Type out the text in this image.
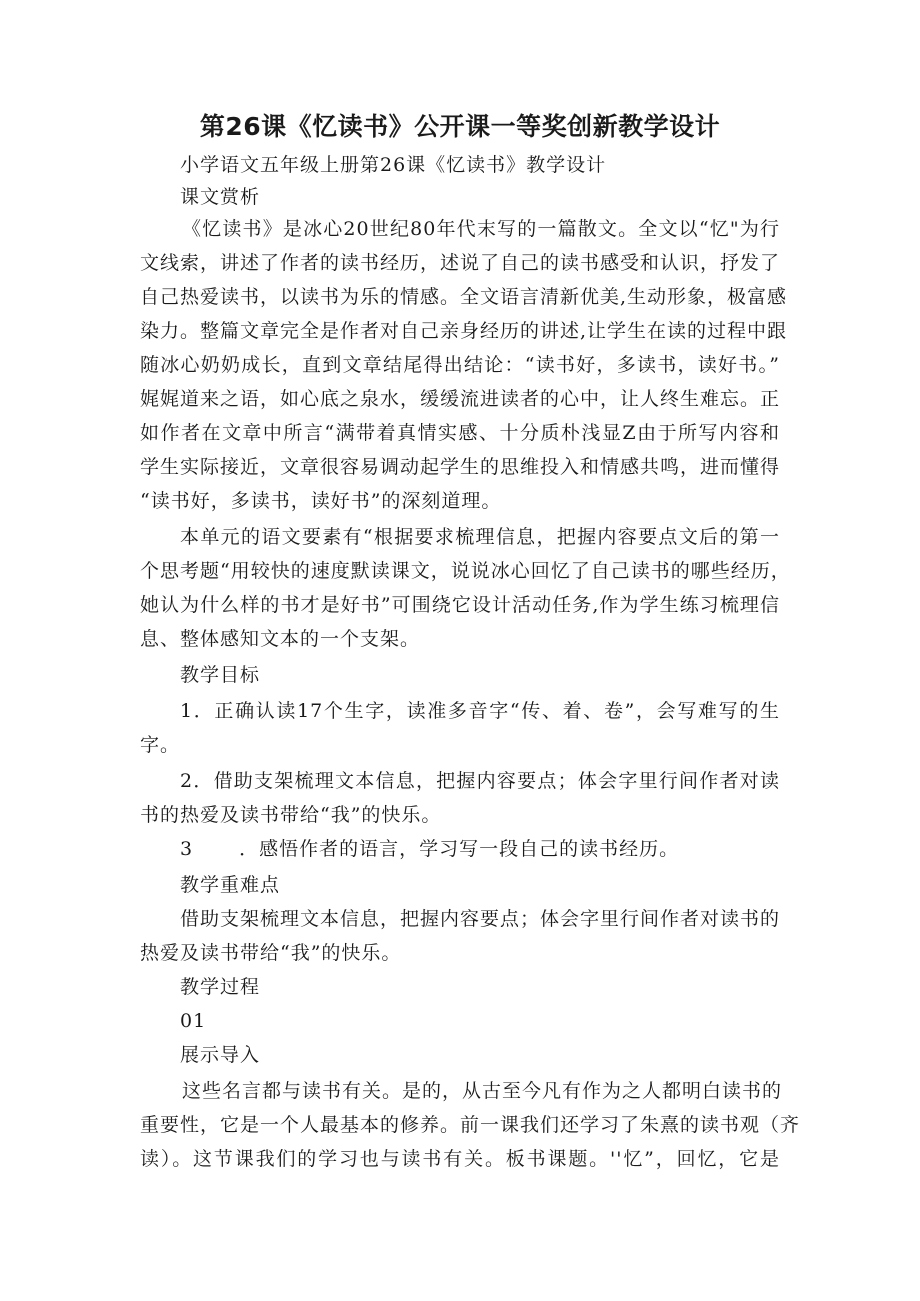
第26课《忆读书》公开课一等奖创新教学设计
小学语文五年级上册第26课《忆读书》教学设计
课文赏析
《忆读书》是冰心20世纪80年代末写的一篇散文。全文以“忆"为行
文线索，讲述了作者的读书经历，述说了自己的读书感受和认识，抒发了
自己热爱读书，以读书为乐的情感。全文语言清新优美,生动形象，极富感
染力。整篇文章完全是作者对自己亲身经历的讲述,让学生在读的过程中跟
随冰心奶奶成长，直到文章结尾得出结论：“读书好，多读书，读好书。”
娓娓道来之语，如心底之泉水，缓缓流进读者的心中，让人终生难忘。正
如作者在文章中所言“满带着真情实感、十分质朴浅显Z由于所写内容和
学生实际接近，文章很容易调动起学生的思维投入和情感共鸣，进而懂得
“读书好，多读书，读好书”的深刻道理。
本单元的语文要素有“根据要求梳理信息，把握内容要点文后的第一
个思考题“用较快的速度默读课文，说说冰心回忆了自己读书的哪些经历，
她认为什么样的书才是好书”可围绕它设计活动任务,作为学生练习梳理信
息、整体感知文本的一个支架。
教学目标
1．正确认读17个生字，读准多音字“传、着、卷”，会写难写的生
字。
2．借助支架梳理文本信息，把握内容要点；体会字里行间作者对读
书的热爱及读书带给“我”的快乐。
3 ．感悟作者的语言，学习写一段自己的读书经历。
教学重难点
借助支架梳理文本信息，把握内容要点；体会字里行间作者对读书的
热爱及读书带给“我”的快乐。
教学过程
01
展示导入
这些名言都与读书有关。是的，从古至今凡有作为之人都明白读书的
重要性，它是一个人最基本的修养。前一课我们还学习了朱熹的读书观（齐
读）。这节课我们的学习也与读书有关。板书课题。''忆”，回忆，它是
